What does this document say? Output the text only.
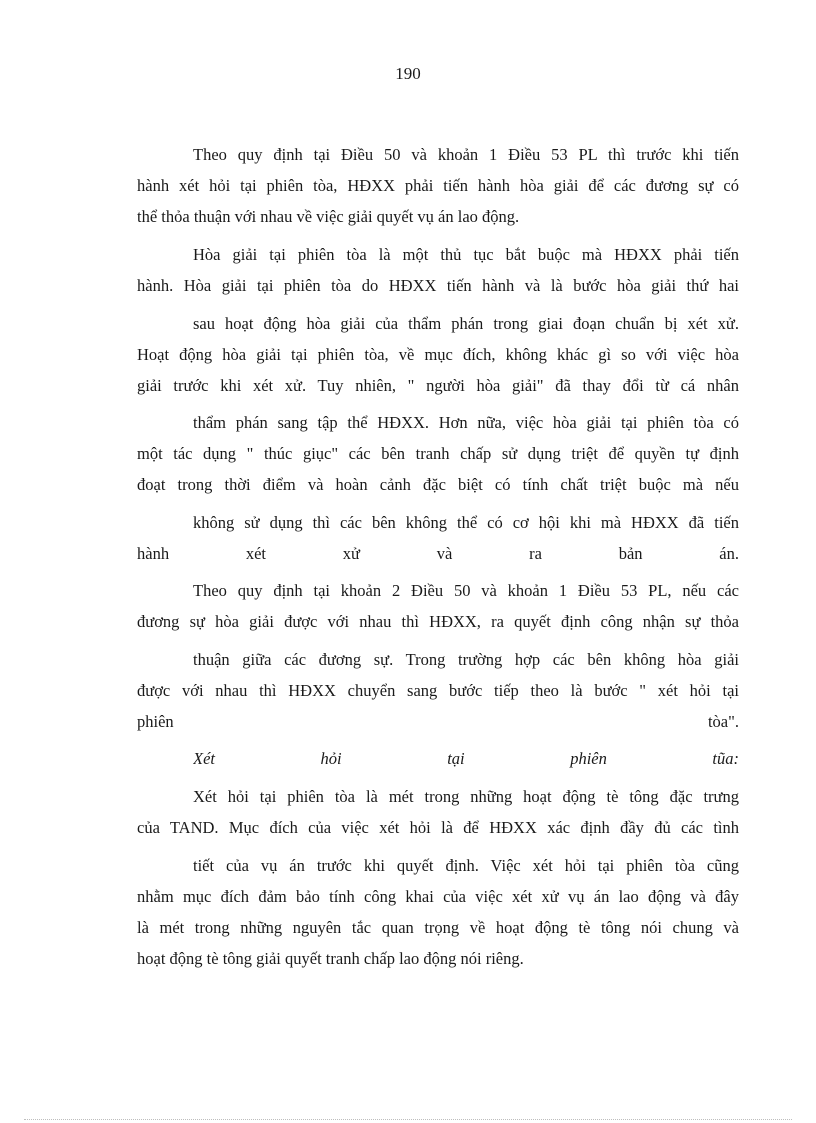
190
Theo quy định tại Điều 50 và khoản 1 Điều 53 PL thì trước khi tiến
hành xét hỏi tại phiên tòa, HĐXX phải tiến hành hòa giải để các đương sự có
thể thỏa thuận với nhau về việc giải quyết vụ án lao động.
Hòa giải tại phiên tòa là một thủ tục bắt buộc mà HĐXX phải tiến
hành. Hòa giải tại phiên tòa do HĐXX tiến hành và là bước hòa giải thứ hai
sau hoạt động hòa giải của thẩm phán trong giai đoạn chuẩn bị xét xử.
Hoạt động hòa giải tại phiên tòa, về mục đích, không khác gì so với việc hòa
giải trước khi xét xử. Tuy nhiên, " người hòa giải" đã thay đổi từ cá nhân
thẩm phán sang tập thể HĐXX. Hơn nữa, việc hòa giải tại phiên tòa có
một tác dụng " thúc giục" các bên tranh chấp sử dụng triệt để quyền tự định
đoạt trong thời điểm và hoàn cảnh đặc biệt có tính chất triệt buộc mà nếu
không sử dụng thì các bên không thể có cơ hội khi mà HĐXX đã tiến
hành xét xử và ra bản án.
Theo quy định tại khoản 2 Điều 50 và khoản 1 Điều 53 PL, nếu các
đương sự hòa giải được với nhau thì HĐXX, ra quyết định công nhận sự thỏa
thuận giữa các đương sự. Trong trường hợp các bên không hòa giải
được với nhau thì HĐXX chuyển sang bước tiếp theo là bước " xét hỏi tại
phiên tòa".
Xét hỏi tại phiên tũa:
Xét hỏi tại phiên tòa là mét trong những hoạt động tè tông đặc trưng
của TAND. Mục đích của việc xét hỏi là để HĐXX xác định đầy đủ các tình
tiết của vụ án trước khi quyết định. Việc xét hỏi tại phiên tòa cũng
nhằm mục đích đảm bảo tính công khai của việc xét xử vụ án lao động và đây
là mét trong những nguyên tắc quan trọng về hoạt động tè tông nói chung và
hoạt động tè tông giải quyết tranh chấp lao động nói riêng.
